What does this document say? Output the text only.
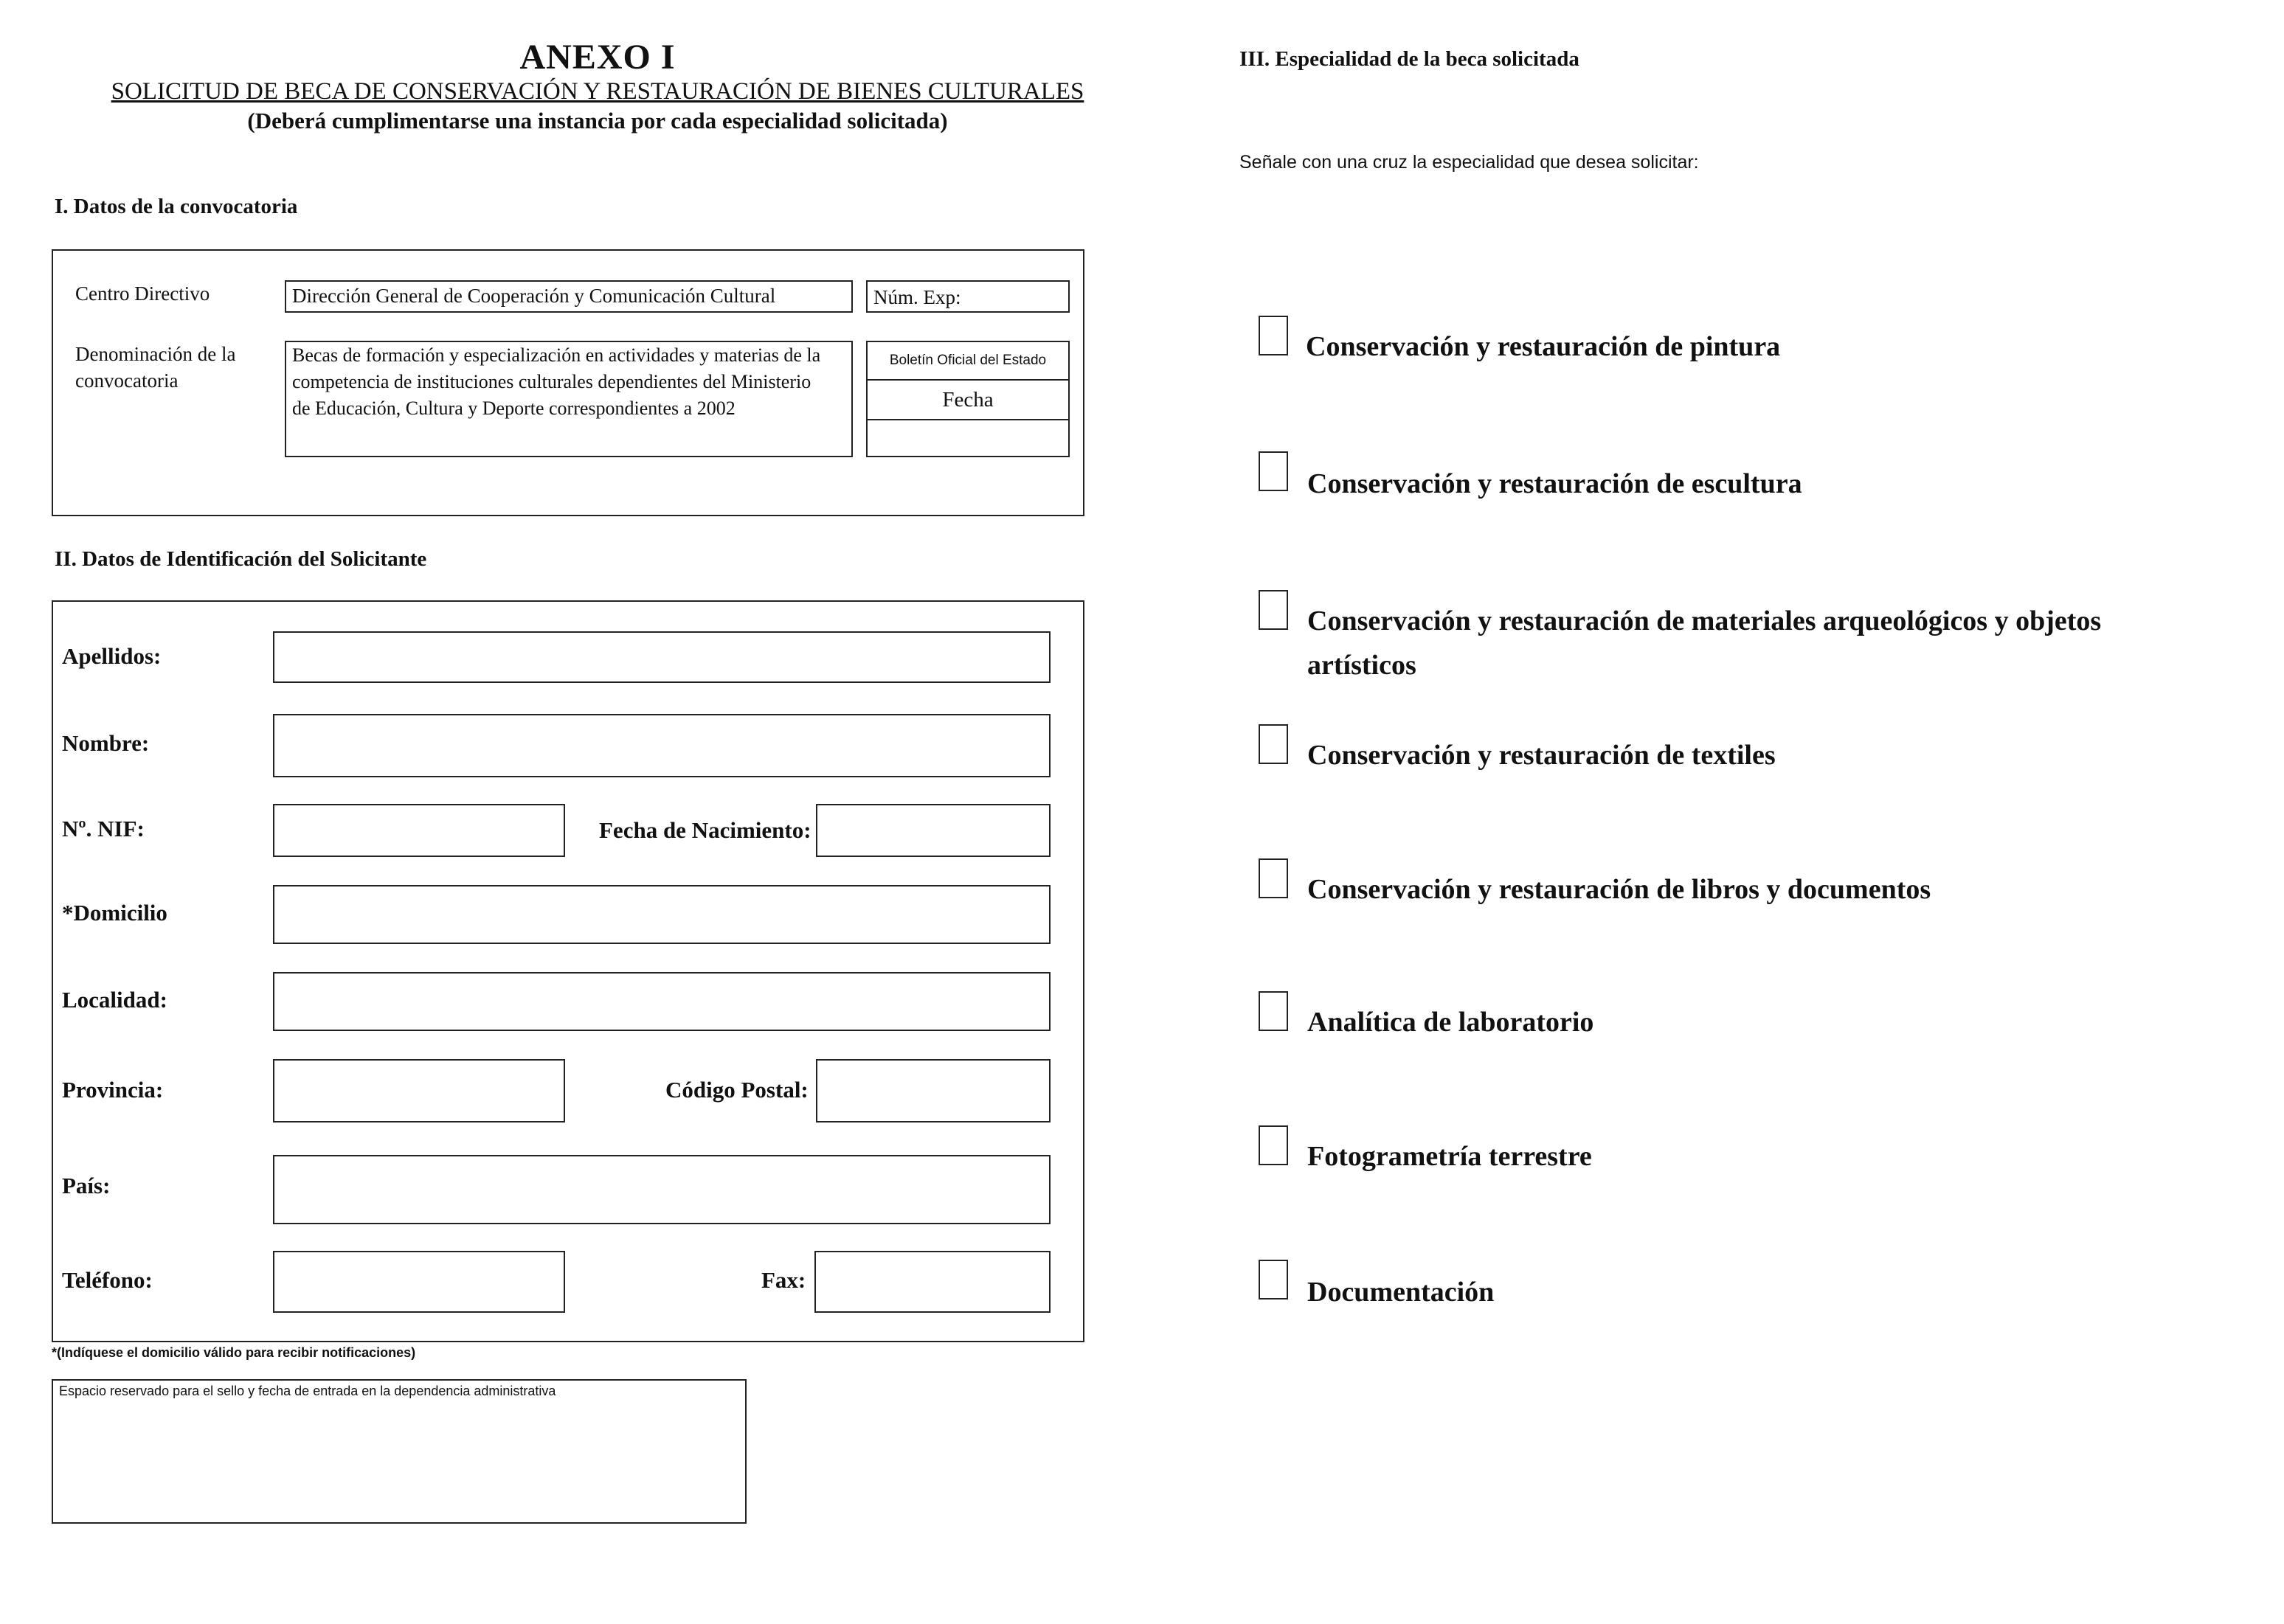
ANEXO I
SOLICITUD DE BECA DE CONSERVACIÓN Y RESTAURACIÓN DE BIENES CULTURALES
(Deberá cumplimentarse una instancia por cada especialidad solicitada)
I. Datos de la convocatoria
Centro Directivo	Dirección General de Cooperación y Comunicación Cultural	Núm. Exp:
Denominación de la
convocatoria
Becas de formación y especialización en actividades y materias de la
competencia de instituciones culturales dependientes del Ministerio
de Educación, Cultura y Deporte correspondientes a 2002
Boletín Oficial del Estado
Fecha
II. Datos de Identificación del Solicitante
Apellidos:
Nombre:
Nº. NIF:	Fecha de Nacimiento:
*Domicilio
Localidad:
Provincia:	Código Postal:
País:
Teléfono:	Fax:
*(Indíquese el domicilio válido para recibir notificaciones)
Espacio reservado para el sello y fecha de entrada en la dependencia administrativa
III. Especialidad de la beca solicitada
Señale con una cruz la especialidad que desea solicitar:
Conservación y restauración de pintura
Conservación y restauración de escultura
Conservación y restauración de materiales arqueológicos y objetos
artísticos
Conservación y restauración de textiles
Conservación y restauración de libros y documentos
Analítica de laboratorio
Fotogrametría terrestre
Documentación
